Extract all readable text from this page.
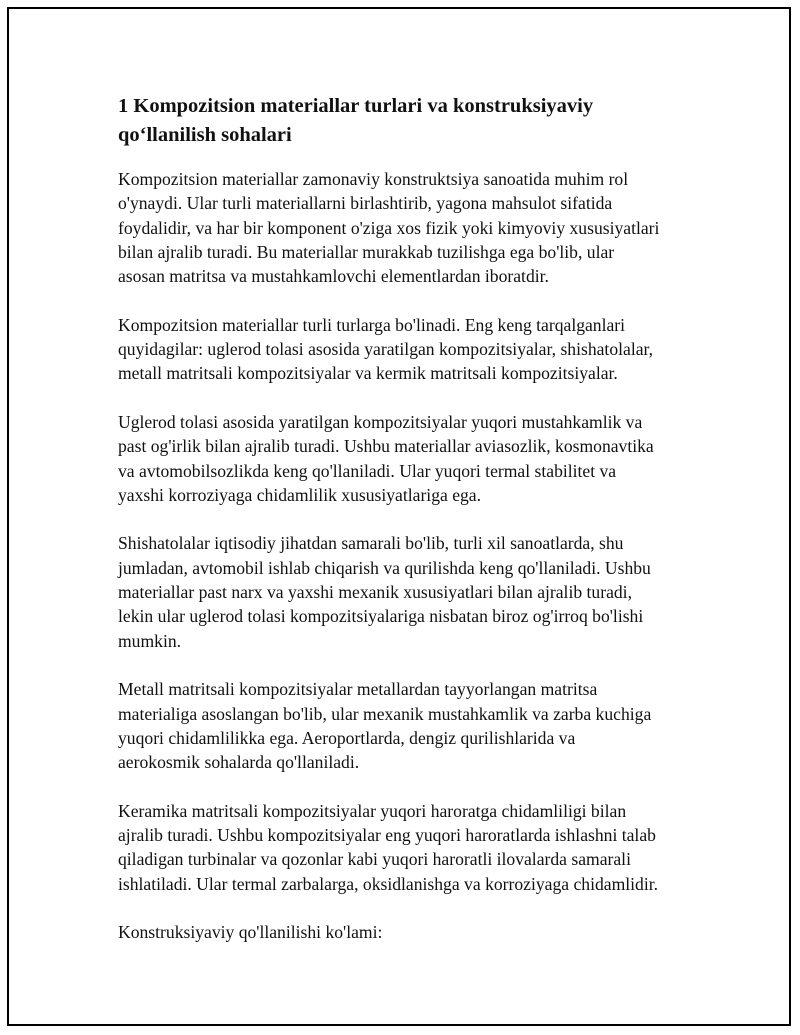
1 Kompozitsion materiallar turlari va konstruksiyaviy
qo‘llanilish sohalari
Kompozitsion materiallar zamonaviy konstruktsiya sanoatida muhim rol
o'ynaydi. Ular turli materiallarni birlashtirib, yagona mahsulot sifatida
foydalidir, va har bir komponent o'ziga xos fizik yoki kimyoviy xususiyatlari
bilan ajralib turadi. Bu materiallar murakkab tuzilishga ega bo'lib, ular
asosan matritsa va mustahkamlovchi elementlardan iboratdir.
Kompozitsion materiallar turli turlarga bo'linadi. Eng keng tarqalganlari
quyidagilar: uglerod tolasi asosida yaratilgan kompozitsiyalar, shishatolalar,
metall matritsali kompozitsiyalar va kermik matritsali kompozitsiyalar.
Uglerod tolasi asosida yaratilgan kompozitsiyalar yuqori mustahkamlik va
past og'irlik bilan ajralib turadi. Ushbu materiallar aviasozlik, kosmonavtika
va avtomobilsozlikda keng qo'llaniladi. Ular yuqori termal stabilitet va
yaxshi korroziyaga chidamlilik xususiyatlariga ega.
Shishatolalar iqtisodiy jihatdan samarali bo'lib, turli xil sanoatlarda, shu
jumladan, avtomobil ishlab chiqarish va qurilishda keng qo'llaniladi. Ushbu
materiallar past narx va yaxshi mexanik xususiyatlari bilan ajralib turadi,
lekin ular uglerod tolasi kompozitsiyalariga nisbatan biroz og'irroq bo'lishi
mumkin.
Metall matritsali kompozitsiyalar metallardan tayyorlangan matritsa
materialiga asoslangan bo'lib, ular mexanik mustahkamlik va zarba kuchiga
yuqori chidamlilikka ega. Aeroportlarda, dengiz qurilishlarida va
aerokosmik sohalarda qo'llaniladi.
Keramika matritsali kompozitsiyalar yuqori haroratga chidamliligi bilan
ajralib turadi. Ushbu kompozitsiyalar eng yuqori haroratlarda ishlashni talab
qiladigan turbinalar va qozonlar kabi yuqori haroratli ilovalarda samarali
ishlatiladi. Ular termal zarbalarga, oksidlanishga va korroziyaga chidamlidir.
Konstruksiyaviy qo'llanilishi ko'lami:
